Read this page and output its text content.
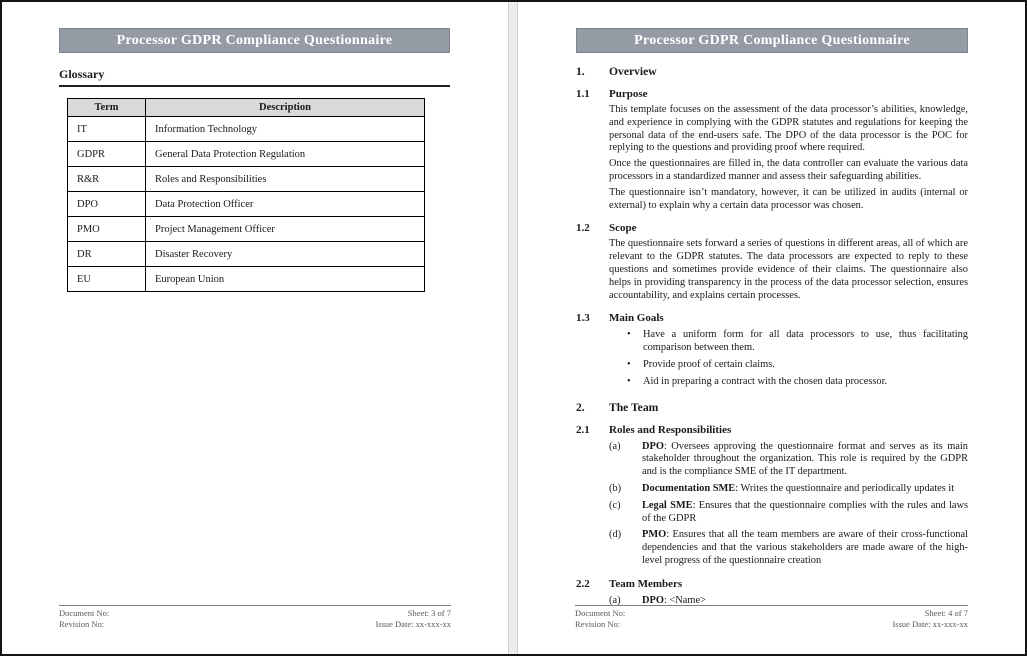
Processor GDPR Compliance Questionnaire
Glossary
Term	Description
IT	Information Technology
GDPR	General Data Protection Regulation
R&R	Roles and Responsibilities
DPO	Data Protection Officer
PMO	Project Management Officer
DR	Disaster Recovery
EU	European Union
Document No:
Revision No:
Sheet: 3 of 7
Issue Date: xx-xxx-xx
Processor GDPR Compliance Questionnaire
1.	Overview
1.1	Purpose

This template focuses on the assessment of the data processor’s abilities, knowledge, and experience in complying with the GDPR statutes and regulations for keeping the personal data of the end-users safe. The DPO of the data processor is the POC for replying to the questions and providing proof where required.

Once the questionnaires are filled in, the data controller can evaluate the various data processors in a standardized manner and assess their safeguarding abilities.

The questionnaire isn’t mandatory, however, it can be utilized in audits (internal or external) to explain why a certain data processor was chosen.

1.2	Scope

The questionnaire sets forward a series of questions in different areas, all of which are relevant to the GDPR statutes. The data processors are expected to reply to these questions and sometimes provide evidence of their claims. The questionnaire also helps in providing transparency in the process of the data processor selection, ensures accountability, and explains certain processes.

1.3	Main Goals
•
Have a uniform form for all data processors to use, thus facilitating comparison between them.
•
Provide proof of certain claims.
•
Aid in preparing a contract with the chosen data processor.
2.	The Team
2.1	Roles and Responsibilities
(a)	DPO: Oversees approving the questionnaire format and serves as its main stakeholder throughout the organization. This role is required by the GDPR and is the compliance SME of the IT department.
(b)	Documentation SME: Writes the questionnaire and periodically updates it
(c)	Legal SME: Ensures that the questionnaire complies with the rules and laws of the GDPR
(d)	PMO: Ensures that all the team members are aware of their cross-functional dependencies and that the various stakeholders are made aware of the high-level progress of the questionnaire creation
2.2	Team Members
(a)	DPO: <Name>
Document No:
Revision No:
Sheet: 4 of 7
Issue Date: xx-xxx-xx
